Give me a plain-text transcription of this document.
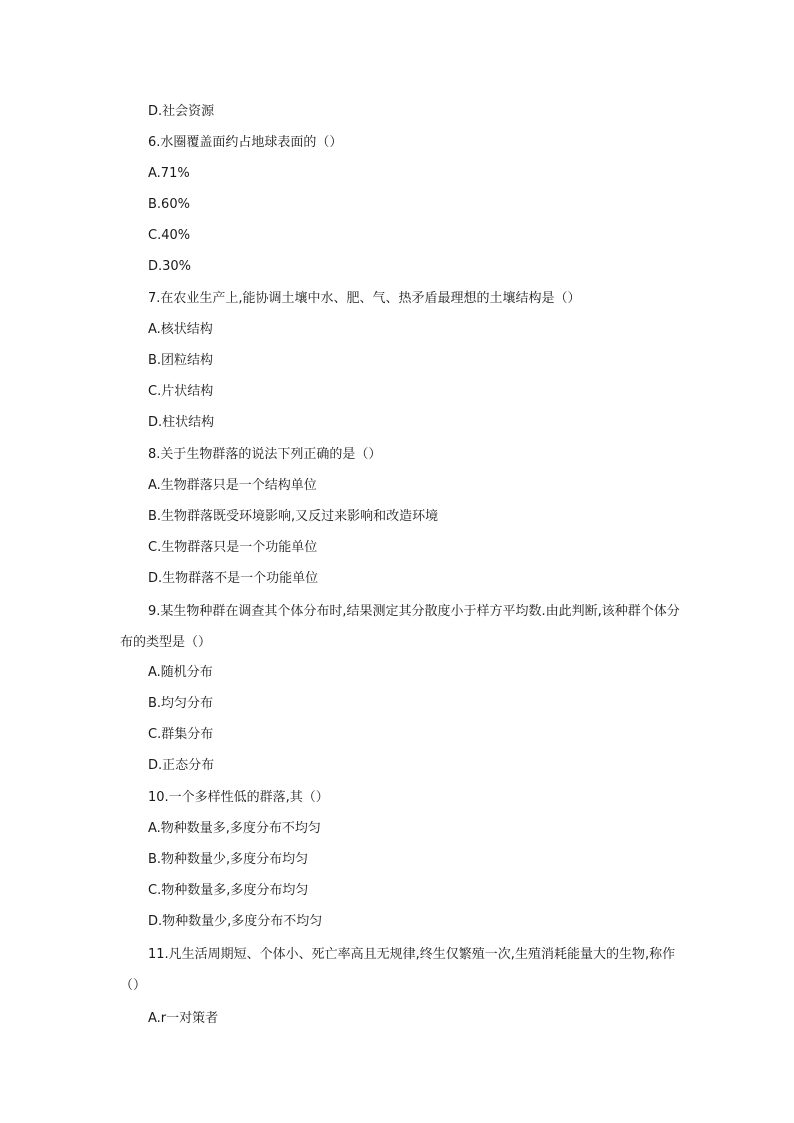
D.社会资源
6.水圈覆盖面约占地球表面的（）
A.71%
B.60%
C.40%
D.30%
7.在农业生产上,能协调土壤中水、肥、气、热矛盾最理想的土壤结构是（）
A.核状结构
B.团粒结构
C.片状结构
D.柱状结构
8.关于生物群落的说法下列正确的是（）
A.生物群落只是一个结构单位
B.生物群落既受环境影响,又反过来影响和改造环境
C.生物群落只是一个功能单位
D.生物群落不是一个功能单位
9.某生物种群在调查其个体分布时,结果测定其分散度小于样方平均数.由此判断,该种群个体分布的类型是（）
A.随机分布
B.均匀分布
C.群集分布
D.正态分布
10.一个多样性低的群落,其（）
A.物种数量多,多度分布不均匀
B.物种数量少,多度分布均匀
C.物种数量多,多度分布均匀
D.物种数量少,多度分布不均匀
11.凡生活周期短、个体小、死亡率高且无规律,终生仅繁殖一次,生殖消耗能量大的生物,称作（）
A.r一对策者
